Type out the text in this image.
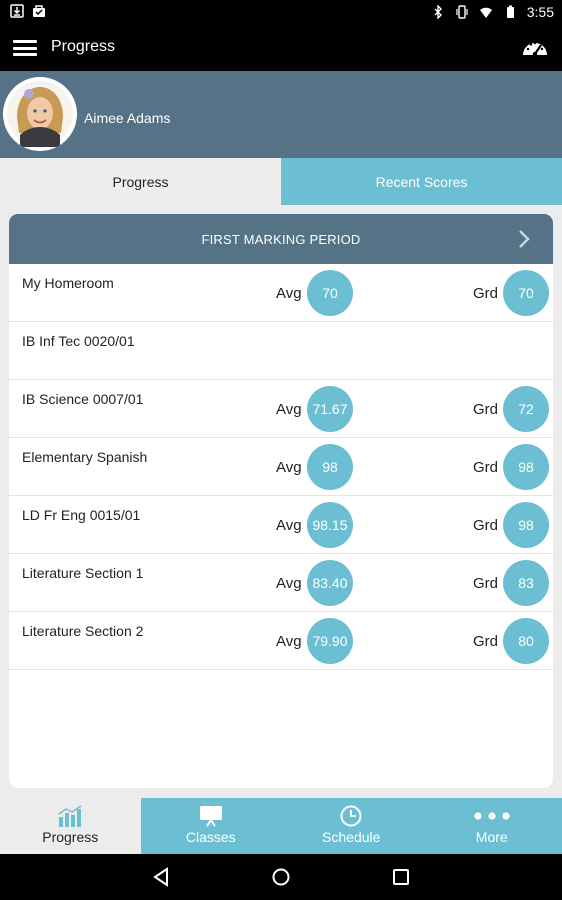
3:55
Progress
Aimee Adams
Progress	Recent Scores
FIRST MARKING PERIOD
My Homeroom
Avg	70	Grd	70
IB Inf Tec 0020/01
IB Science 0007/01
Avg 71.67	Grd	72
Elementary Spanish
Avg	98	Grd	98
LD Fr Eng 0015/01
Avg 98.15	Grd	98
Literature Section 1
Avg 83.40	Grd	83
Literature Section 2
Avg 79.90	Grd	80
Progress	Classes	Schedule	More
